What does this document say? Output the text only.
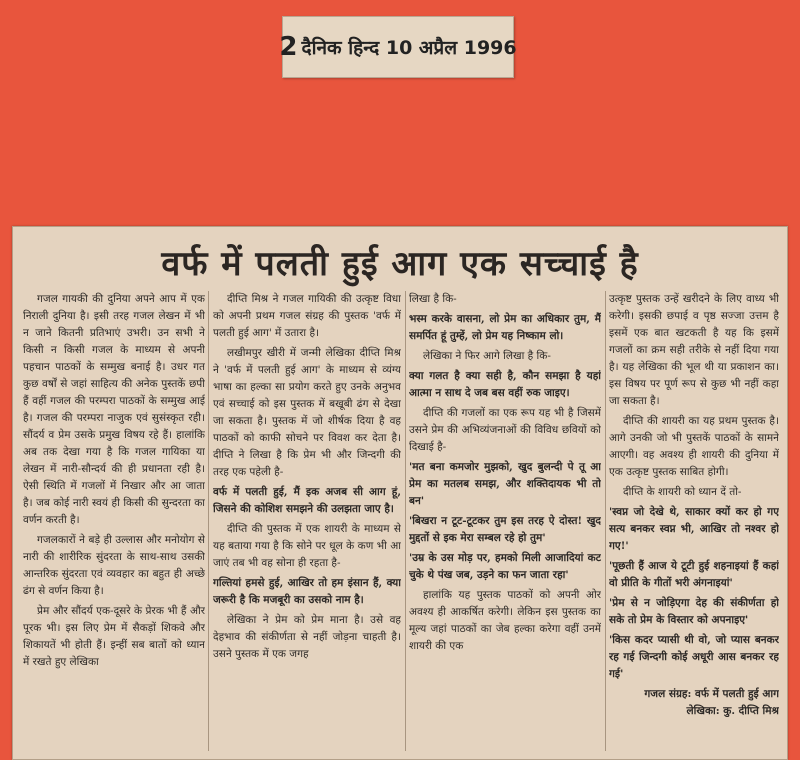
2 दैनिक हिन्द 10 अप्रैल 1996
वर्फ में पलती हुई आग एक सच्चाई है

गजल गायकी की दुनिया अपने आप में एक निराली दुनिया है। इसी तरह गजल लेखन में भी न जाने कितनी प्रतिभाएं उभरी। उन सभी ने किसी न किसी गजल के माध्यम से अपनी पहचान पाठकों के सम्मुख बनाई है। उधर गत कुछ वर्षों से जहां साहित्य की अनेक पुस्तकें छपी हैं वहीं गजल की परम्परा पाठकों के सम्मुख आई है। गजल की परम्परा नाजुक एवं सुसंस्कृत रही। सौंदर्य व प्रेम उसके प्रमुख विषय रहे हैं। हालांकि अब तक देखा गया है कि गजल गायिका या लेखन में नारी-सौन्दर्य की ही प्रधानता रही है। ऐसी स्थिति में गजलों में निखार और आ जाता है। जब कोई नारी स्वयं ही किसी की सुन्दरता का वर्णन करती है।

गजलकारों ने बड़े ही उल्लास और मनोयोग से नारी की शारीरिक सुंदरता के साथ-साथ उसकी आन्तरिक सुंदरता एवं व्यवहार का बहुत ही अच्छे ढंग से वर्णन किया है।

प्रेम और सौंदर्य एक-दूसरे के प्रेरक भी हैं और पूरक भी। इस लिए प्रेम में सैकड़ों शिकवे और शिकायतें भी होती हैं। इन्हीं सब बातों को ध्यान में रखते हुए लेखिका

दीप्ति मिश्र ने गजल गायिकी की उत्कृष्ट विधा को अपनी प्रथम गजल संग्रह की पुस्तक 'वर्फ में पलती हुई आग' में उतारा है।

लखीमपुर खीरी में जन्मी लेखिका दीप्ति मिश्र ने 'वर्फ में पलती हुई आग' के माध्यम से व्यंग्य भाषा का हल्का सा प्रयोग करते हुए उनके अनुभव एवं सच्चाई को इस पुस्तक में बखूबी ढंग से देखा जा सकता है। पुस्तक में जो शीर्षक दिया है वह पाठकों को काफी सोचने पर विवश कर देता है। दीप्ति ने लिखा है कि प्रेम भी और जिन्दगी की तरह एक पहेली है-

वर्फ में पलती हुई, मैं इक अजब सी आग हूं, जिसने की कोशिश समझने की उलझता जाए है।

दीप्ति की पुस्तक में एक शायरी के माध्यम से यह बताया गया है कि सोने पर धूल के कण भी आ जाएं तब भी वह सोना ही रहता है-

गल्तियां हमसे हुई, आखिर तो हम इंसान हैं, क्या जरूरी है कि मजबूरी का उसको नाम है।

लेखिका ने प्रेम को प्रेम माना है। उसे वह देहभाव की संकीर्णता से नहीं जोड़ना चाहती है। उसने पुस्तक में एक जगह

लिखा है कि-

भस्म करके वासना, लो प्रेम का अधिकार तुम, मैं समर्पित हूं तुम्हें, लो प्रेम यह निष्काम लो।

लेखिका ने फिर आगे लिखा है कि-

क्या गलत है क्या सही है, कौन समझा है यहां आत्मा न साथ दे जब बस वहीं रुक जाइए।

दीप्ति की गजलों का एक रूप यह भी है जिसमें उसने प्रेम की अभिव्यंजनाओं की विविध छवियों को दिखाई है-

'मत बना कमजोर मुझको, खुद बुलन्दी पे तू आ प्रेम का मतलब समझ, और शक्तिदायक भी तो बन'

'बिखरा न टूट-टूटकर तुम इस तरह ऐ दोस्त! खुद मुद्दतों से इक मेरा सम्बल रहे हो तुम'

'उम्र के उस मोड़ पर, हमको मिली आजादियां कट चुके थे पंख जब, उड़ने का फन जाता रहा'

हालांकि यह पुस्तक पाठकों को अपनी ओर अवश्य ही आकर्षित करेगी। लेकिन इस पुस्तक का मूल्य जहां पाठकों का जेब हल्का करेगा वहीं उनमें शायरी की एक

उत्कृष्ट पुस्तक उन्हें खरीदने के लिए वाध्य भी करेगी। इसकी छपाई व पृष्ठ सज्जा उत्तम है इसमें एक बात खटकती है यह कि इसमें गजलों का क्रम सही तरीके से नहीं दिया गया है। यह लेखिका की भूल थी या प्रकाशन का। इस विषय पर पूर्ण रूप से कुछ भी नहीं कहा जा सकता है।

दीप्ति की शायरी का यह प्रथम पुस्तक है। आगे उनकी जो भी पुस्तकें पाठकों के सामने आएगी। वह अवश्य ही शायरी की दुनिया में एक उत्कृष्ट पुस्तक साबित होगी।

दीप्ति के शायरी को ध्यान दें तो-

'स्वप्न जो देखे थे, साकार क्यों कर हो गए सत्य बनकर स्वप्न भी, आखिर तो नश्वर हो गए!'

'पूछती हैं आज ये टूटी हुई शहनाइयां हैं कहां वो प्रीति के गीतों भरी अंगनाइयां'

'प्रेम से न जोड़िएगा देह की संकीर्णता हो सके तो प्रेम के विस्तार को अपनाइए'

'किस कदर प्यासी थी वो, जो प्यास बनकर रह गई जिन्दगी कोई अधूरी आस बनकर रह गई'

गजल संग्रह: वर्फ में पलती हुई आग लेखिका: कु. दीप्ति मिश्र
